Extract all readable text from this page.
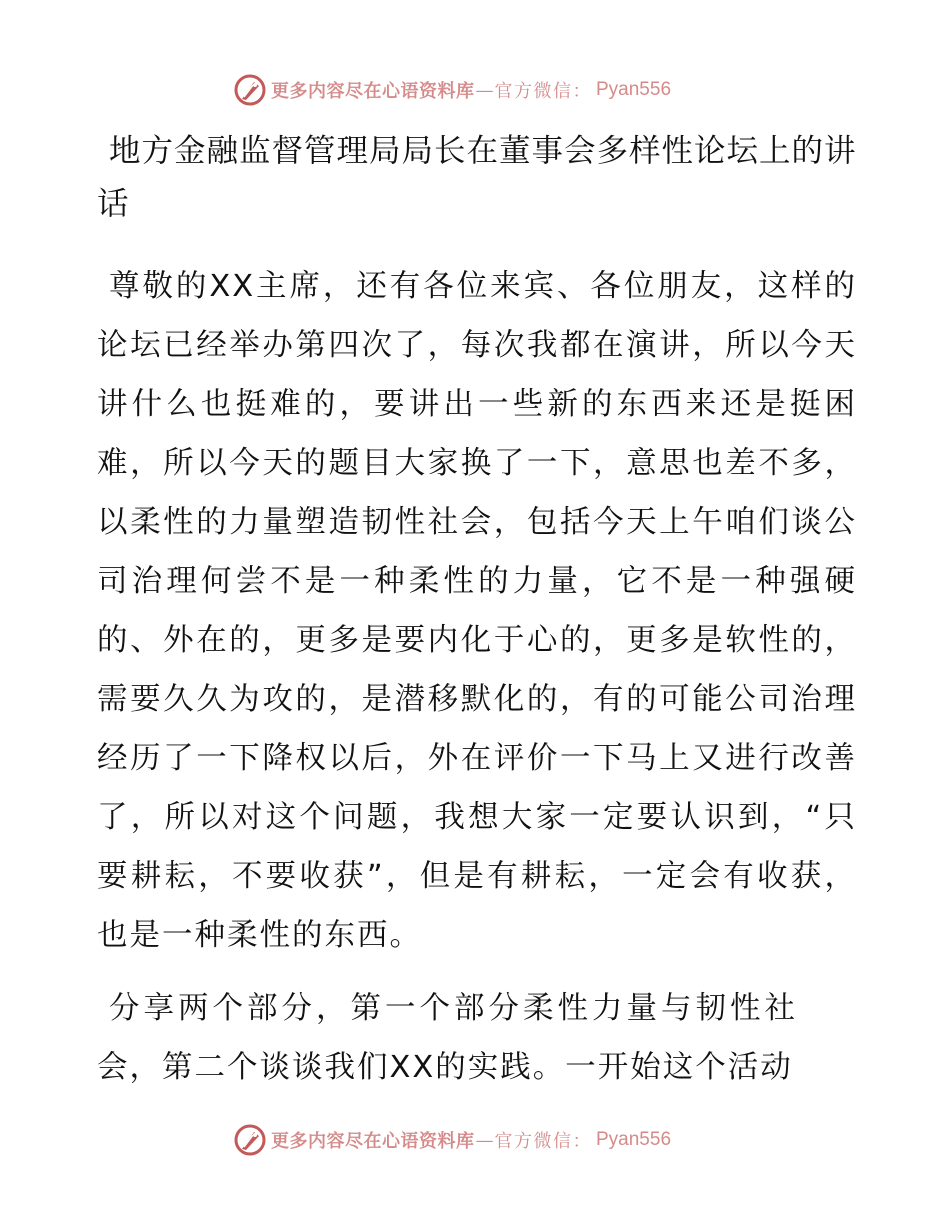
更多内容尽在心语资料库 — 官方微信： Pyan556
地方金融监督管理局局长在董事会多样性论坛上的讲话

尊敬的XX主席，还有各位来宾、各位朋友，这样的论坛已经举办第四次了，每次我都在演讲，所以今天讲什么也挺难的，要讲出一些新的东西来还是挺困难，所以今天的题目大家换了一下，意思也差不多，以柔性的力量塑造韧性社会，包括今天上午咱们谈公司治理何尝不是一种柔性的力量，它不是一种强硬的、外在的，更多是要内化于心的，更多是软性的，需要久久为攻的，是潜移默化的，有的可能公司治理经历了一下降权以后，外在评价一下马上又进行改善了，所以对这个问题，我想大家一定要认识到，“只要耕耘，不要收获”，但是有耕耘，一定会有收获，也是一种柔性的东西。

分享两个部分，第一个部分柔性力量与韧性社会，第二个谈谈我们XX的实践。一开始这个活动

更多内容尽在心语资料库 — 官方微信： Pyan556
